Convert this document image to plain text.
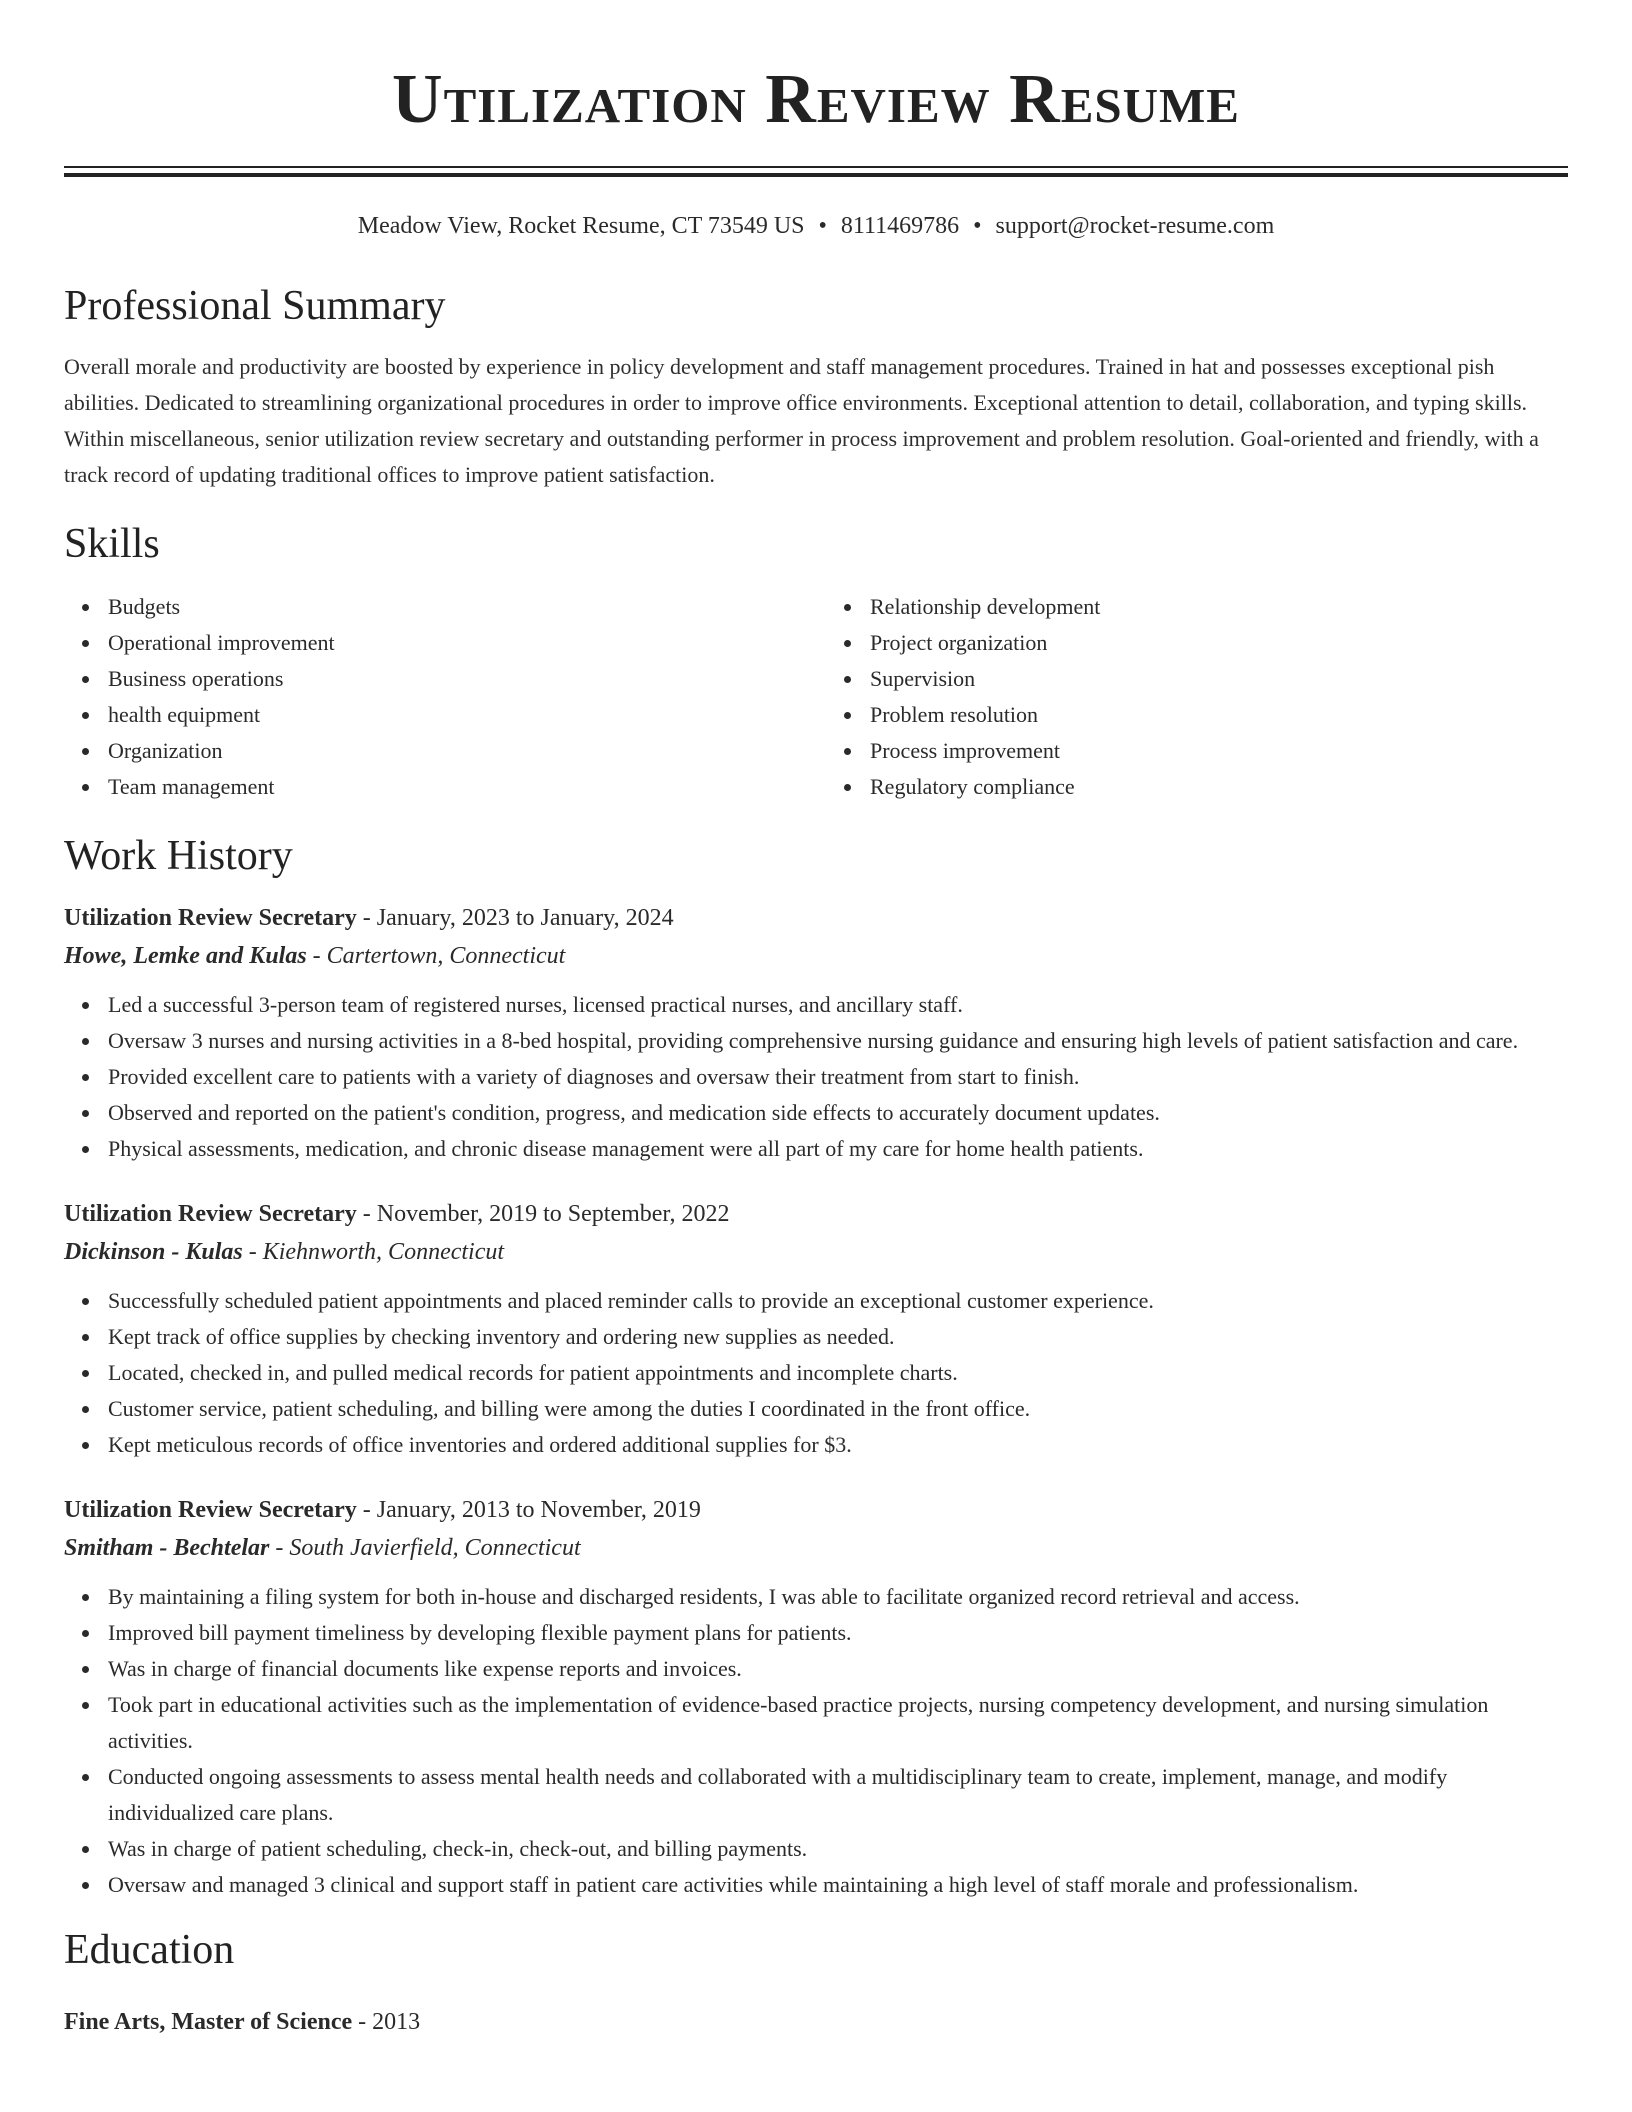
Utilization Review Resume
Meadow View, Rocket Resume, CT 73549 US • 8111469786 • support@rocket-resume.com
Professional Summary

Overall morale and productivity are boosted by experience in policy development and staff management procedures. Trained in hat and possesses exceptional pish abilities. Dedicated to streamlining organizational procedures in order to improve office environments. Exceptional attention to detail, collaboration, and typing skills. Within miscellaneous, senior utilization review secretary and outstanding performer in process improvement and problem resolution. Goal-oriented and friendly, with a track record of updating traditional offices to improve patient satisfaction.

Skills
Budgets
Operational improvement
Business operations
health equipment
Organization
Team management
Relationship development
Project organization
Supervision
Problem resolution
Process improvement
Regulatory compliance
Work History
Utilization Review Secretary - January, 2023 to January, 2024
Howe, Lemke and Kulas - Cartertown, Connecticut
Led a successful 3-person team of registered nurses, licensed practical nurses, and ancillary staff.
Oversaw 3 nurses and nursing activities in a 8-bed hospital, providing comprehensive nursing guidance and ensuring high levels of patient satisfaction and care.
Provided excellent care to patients with a variety of diagnoses and oversaw their treatment from start to finish.
Observed and reported on the patient's condition, progress, and medication side effects to accurately document updates.
Physical assessments, medication, and chronic disease management were all part of my care for home health patients.
Utilization Review Secretary - November, 2019 to September, 2022
Dickinson - Kulas - Kiehnworth, Connecticut
Successfully scheduled patient appointments and placed reminder calls to provide an exceptional customer experience.
Kept track of office supplies by checking inventory and ordering new supplies as needed.
Located, checked in, and pulled medical records for patient appointments and incomplete charts.
Customer service, patient scheduling, and billing were among the duties I coordinated in the front office.
Kept meticulous records of office inventories and ordered additional supplies for $3.
Utilization Review Secretary - January, 2013 to November, 2019
Smitham - Bechtelar - South Javierfield, Connecticut
By maintaining a filing system for both in-house and discharged residents, I was able to facilitate organized record retrieval and access.
Improved bill payment timeliness by developing flexible payment plans for patients.
Was in charge of financial documents like expense reports and invoices.
Took part in educational activities such as the implementation of evidence-based practice projects, nursing competency development, and nursing simulation activities.
Conducted ongoing assessments to assess mental health needs and collaborated with a multidisciplinary team to create, implement, manage, and modify individualized care plans.
Was in charge of patient scheduling, check-in, check-out, and billing payments.
Oversaw and managed 3 clinical and support staff in patient care activities while maintaining a high level of staff morale and professionalism.
Education
Fine Arts, Master of Science - 2013
